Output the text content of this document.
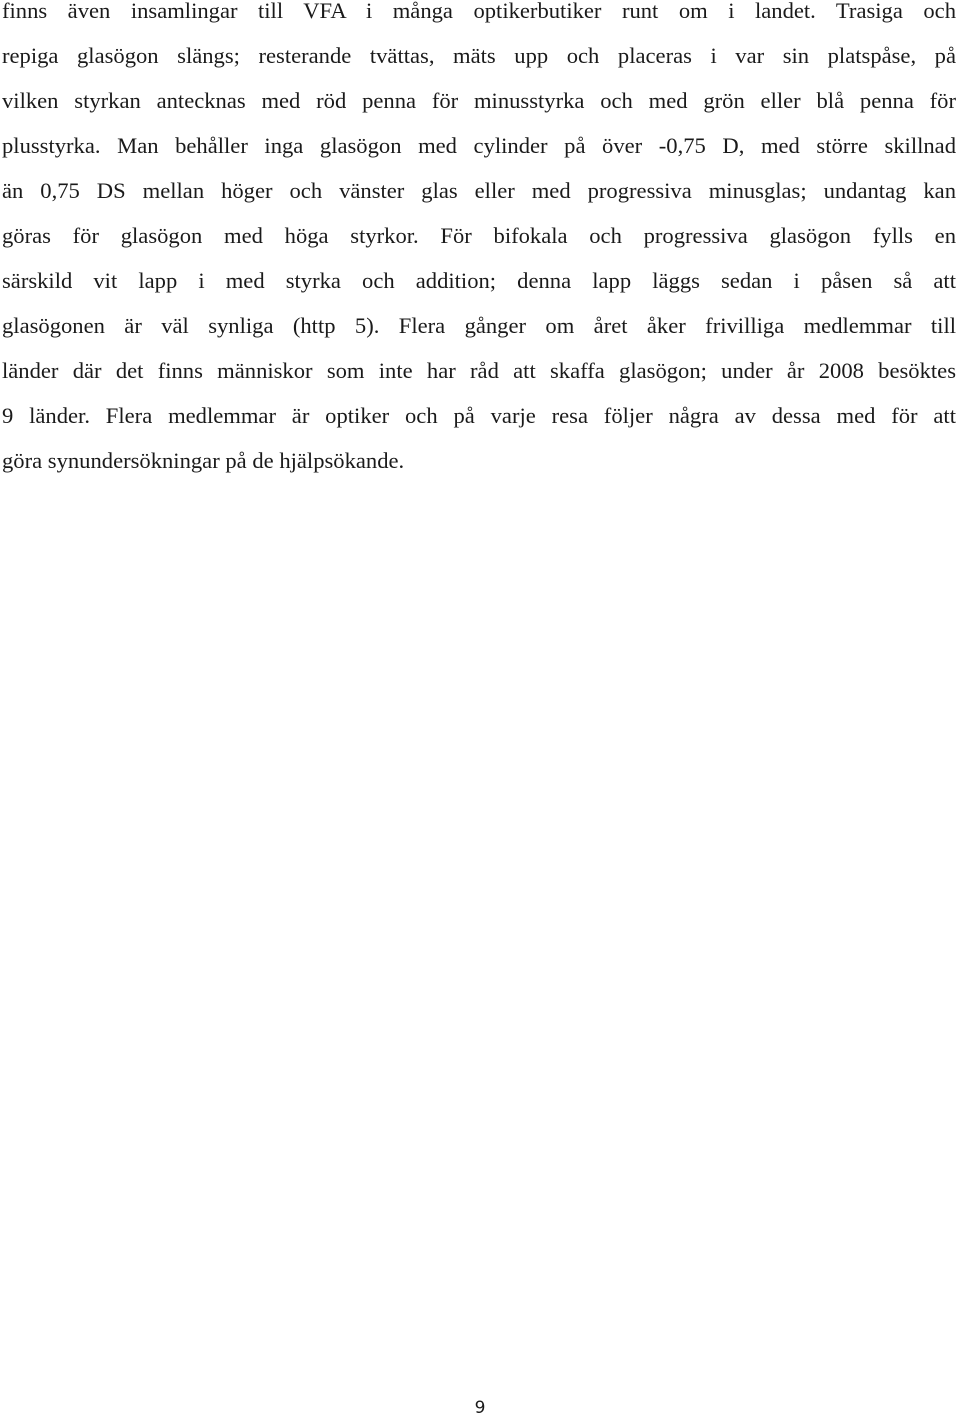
finns även insamlingar till VFA i många optikerbutiker runt om i landet. Trasiga och
repiga glasögon slängs; resterande tvättas, mäts upp och placeras i var sin platspåse, på
vilken styrkan antecknas med röd penna för minusstyrka och med grön eller blå penna för
plusstyrka. Man behåller inga glasögon med cylinder på över -0,75 D, med större skillnad
än 0,75 DS mellan höger och vänster glas eller med progressiva minusglas; undantag kan
göras för glasögon med höga styrkor. För bifokala och progressiva glasögon fylls en
särskild vit lapp i med styrka och addition; denna lapp läggs sedan i påsen så att
glasögonen är väl synliga (http 5). Flera gånger om året åker frivilliga medlemmar till
länder där det finns människor som inte har råd att skaffa glasögon; under år 2008 besöktes
9 länder. Flera medlemmar är optiker och på varje resa följer några av dessa med för att
göra synundersökningar på de hjälpsökande.
9
